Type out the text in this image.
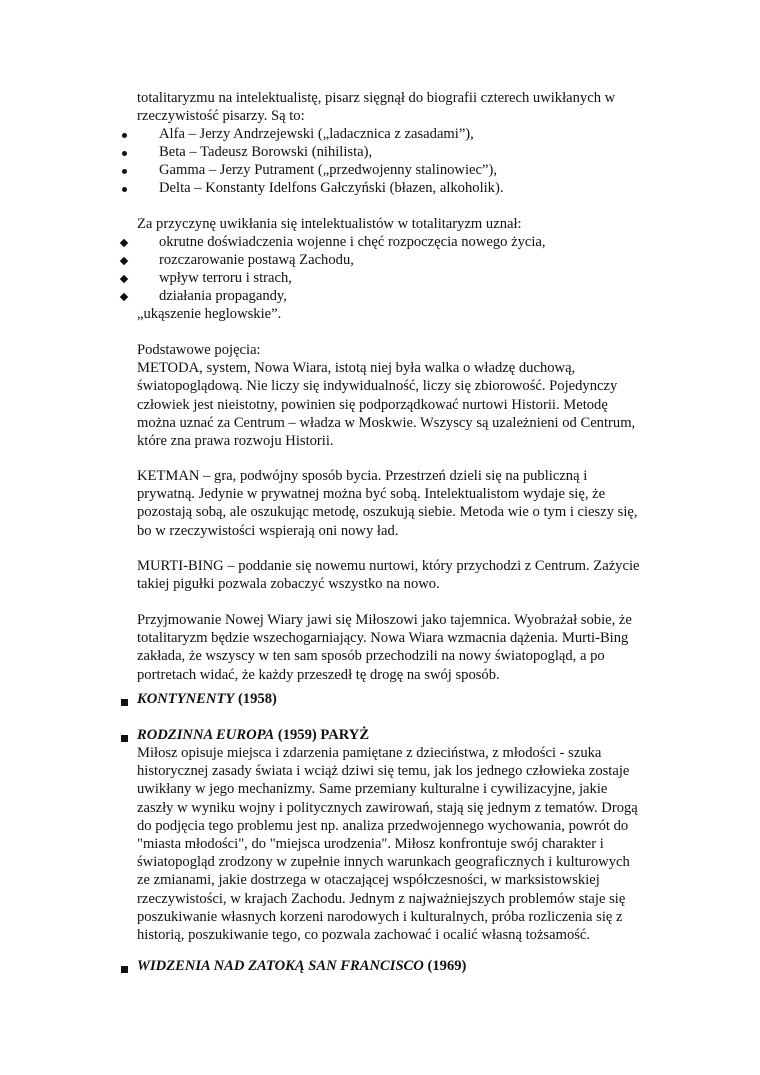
totalitaryzmu na intelektualistę, pisarz sięgnął do biografii czterech uwikłanych w
rzeczywistość pisarzy. Są to:
Alfa – Jerzy Andrzejewski („ladacznica z zasadami”),
Beta – Tadeusz Borowski (nihilista),
Gamma – Jerzy Putrament („przedwojenny stalinowiec”),
Delta – Konstanty Idelfons Gałczyński (błazen, alkoholik).
Za przyczynę uwikłania się intelektualistów w totalitaryzm uznał:
okrutne doświadczenia wojenne i chęć rozpoczęcia nowego życia,
rozczarowanie postawą Zachodu,
wpływ terroru i strach,
działania propagandy,
„ukąszenie heglowskie”.
Podstawowe pojęcia:
METODA, system, Nowa Wiara, istotą niej była walka o władzę duchową,
światopoglądową. Nie liczy się indywidualność, liczy się zbiorowość. Pojedynczy
człowiek jest nieistotny, powinien się podporządkować nurtowi Historii. Metodę
można uznać za Centrum – władza w Moskwie. Wszyscy są uzależnieni od Centrum,
które zna prawa rozwoju Historii.
KETMAN – gra, podwójny sposób bycia. Przestrzeń dzieli się na publiczną i
prywatną. Jedynie w prywatnej można być sobą. Intelektualistom wydaje się, że
pozostają sobą, ale oszukując metodę, oszukują siebie. Metoda wie o tym i cieszy się,
bo w rzeczywistości wspierają oni nowy ład.
MURTI-BING – poddanie się nowemu nurtowi, który przychodzi z Centrum. Zażycie
takiej pigułki pozwala zobaczyć wszystko na nowo.
Przyjmowanie Nowej Wiary jawi się Miłoszowi jako tajemnica. Wyobrażał sobie, że
totalitaryzm będzie wszechogarniający. Nowa Wiara wzmacnia dążenia. Murti-Bing
zakłada, że wszyscy w ten sam sposób przechodzili na nowy światopogląd, a po
portretach widać, że każdy przeszedł tę drogę na swój sposób.
KONTYNENTY (1958)
RODZINNA EUROPA (1959) PARYŻ
Miłosz opisuje miejsca i zdarzenia pamiętane z dzieciństwa, z młodości - szuka
historycznej zasady świata i wciąż dziwi się temu, jak los jednego człowieka zostaje
uwikłany w jego mechanizmy. Same przemiany kulturalne i cywilizacyjne, jakie
zaszły w wyniku wojny i politycznych zawirowań, stają się jednym z tematów. Drogą
do podjęcia tego problemu jest np. analiza przedwojennego wychowania, powrót do
"miasta młodości", do "miejsca urodzenia". Miłosz konfrontuje swój charakter i
światopogląd zrodzony w zupełnie innych warunkach geograficznych i kulturowych
ze zmianami, jakie dostrzega w otaczającej współczesności, w marksistowskiej
rzeczywistości, w krajach Zachodu. Jednym z najważniejszych problemów staje się
poszukiwanie własnych korzeni narodowych i kulturalnych, próba rozliczenia się z
historią, poszukiwanie tego, co pozwala zachować i ocalić własną tożsamość.
WIDZENIA NAD ZATOKĄ SAN FRANCISCO (1969)
